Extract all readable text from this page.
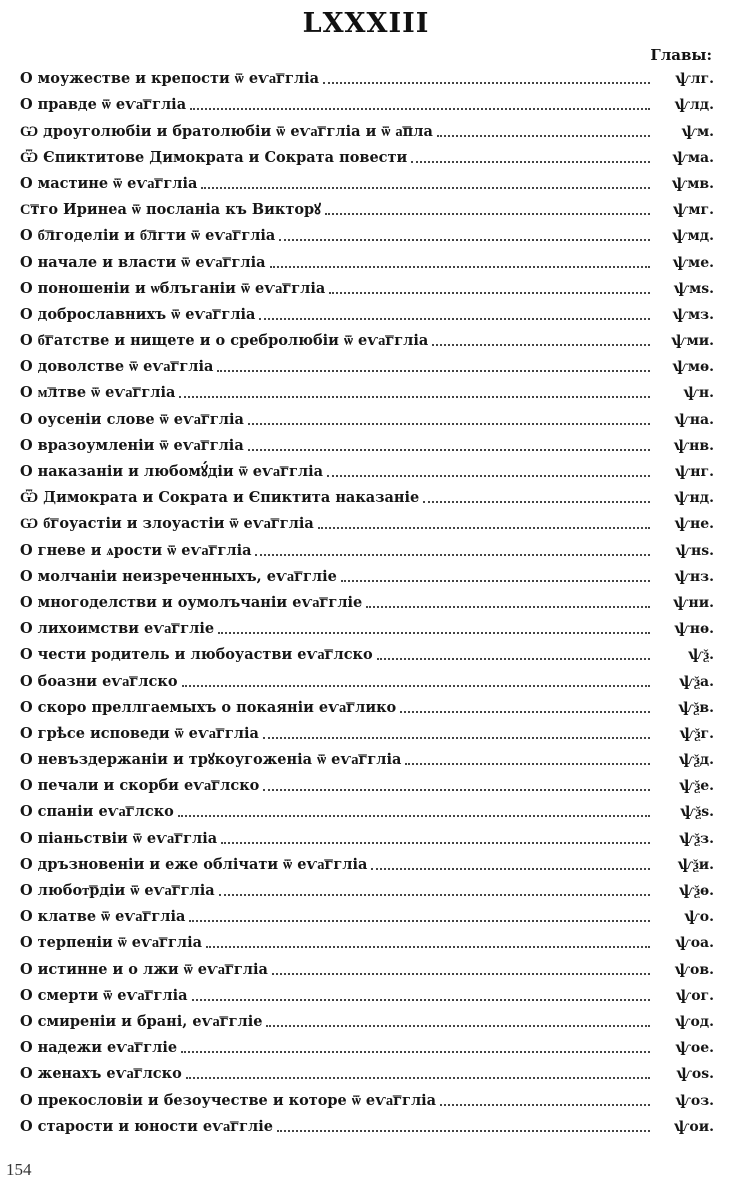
LXXXIII
Главы:
О моужестве и крепости ѿ еѵа͞ггліа	ѱлг.
О правде ѿ еѵа͞ггліа	ѱлд.
Ѡ дроуголюбіи и братолюбіи ѿ еѵа͞ггліа и ѿ а͞пла	ѱм.
Ѿ Єпиктитове Димократа и Сократа повести	ѱма.
О мастине ѿ еѵа͞ггліа	ѱмв.
С͞тго Иринеа ѿ посланіа къ Викторꙋ	ѱмг.
О б͞лгоделіи и б͞лгти ѿ еѵа͞ггліа	ѱмд.
О начале и власти ѿ еѵа͞ггліа	ѱме.
О поношеніи и ѡблъганіи ѿ еѵа͞ггліа	ѱмѕ.
О доброславнихъ ѿ еѵа͞ггліа	ѱмз.
О б͞гатстве и нищете и о сребролюбіи ѿ еѵа͞ггліа	ѱми.
О доволстве ѿ еѵа͞ггліа	ѱмѳ.
О м͞лтве ѿ еѵа͞ггліа	ѱн.
О оусеніи слове ѿ еѵа͞ггліа	ѱна.
О вразоумленіи ѿ еѵа͞ггліа	ѱнв.
О наказаніи и любомꙋ́діи ѿ еѵа͞ггліа	ѱнг.
Ѿ Димократа и Сократа и Єпиктита наказаніе	ѱнд.
Ѡ б͞гоуастіи и злоуастіи ѿ еѵа͞ггліа	ѱне.
О гневе и ѧрости ѿ еѵа͞ггліа	ѱнѕ.
О молчаніи неизреченныхъ, еѵа͞ггліе	ѱнз.
О многоделстви и оумолъчаніи еѵа͞ггліе	ѱни.
О лихоимстви еѵа͞ггліе	ѱнѳ.
О чести родитель и любоуастви еѵа͞глско	ѱѯ.
О боазни еѵа͞глско	ѱѯа.
О скоро преллгаемыхъ о покаяніи еѵа͞глико	ѱѯв.
О грѣсе исповеди ѿ еѵа͞ггліа	ѱѯг.
О невъздержаніи и трꙋкоугоженіа ѿ еѵа͞ггліа	ѱѯд.
О печали и скорби еѵа͞глско	ѱѯе.
О спаніи еѵа͞глско	ѱѯѕ.
О піаньствіи ѿ еѵа͞ггліа	ѱѯз.
О дръзновеніи и еже облічати ѿ еѵа͞ггліа	ѱѯи.
О любот͞рдіи ѿ еѵа͞ггліа	ѱѯѳ.
О клатве ѿ еѵа͞ггліа	ѱо.
О терпеніи ѿ еѵа͞ггліа	ѱоа.
О истинне и о лжи ѿ еѵа͞ггліа	ѱов.
О смерти ѿ еѵа͞ггліа	ѱог.
О смиреніи и брані, еѵа͞ггліе	ѱод.
О надежи еѵа͞ггліе	ѱое.
О женахъ еѵа͞глско	ѱоѕ.
О прекословіи и безоучестве и которе ѿ еѵа͞ггліа	ѱоз.
О старости и юности еѵа͞ггліе	ѱои.
154
